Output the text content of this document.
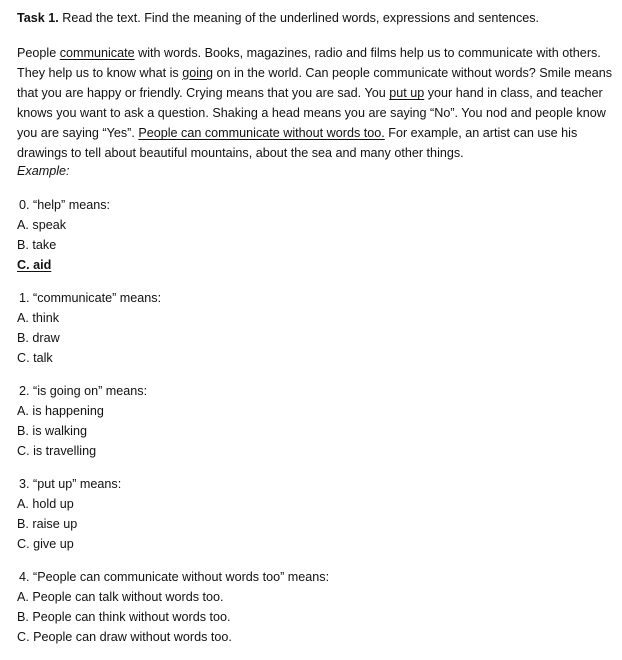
Task 1. Read the text. Find the meaning of the underlined words, expressions and sentences.
People communicate with words. Books, magazines, radio and films help us to communicate with others. They help us to know what is going on in the world. Can people communicate without words? Smile means that you are happy or friendly. Crying means that you are sad. You put up your hand in class, and teacher knows you want to ask a question. Shaking a head means you are saying “No”. You nod and people know you are saying “Yes”. People can communicate without words too. For example, an artist can use his drawings to tell about beautiful mountains, about the sea and many other things.
Example:
0. “help” means:
A. speak
B. take
C. aid
1. “communicate” means:
A. think
B. draw
C. talk
2. “is going on” means:
A. is happening
B. is walking
C. is travelling
3. “put up” means:
A. hold up
B. raise up
C. give up
4. “People can communicate without words too” means:
A. People can talk without words too.
B. People can think without words too.
C. People can draw without words too.
